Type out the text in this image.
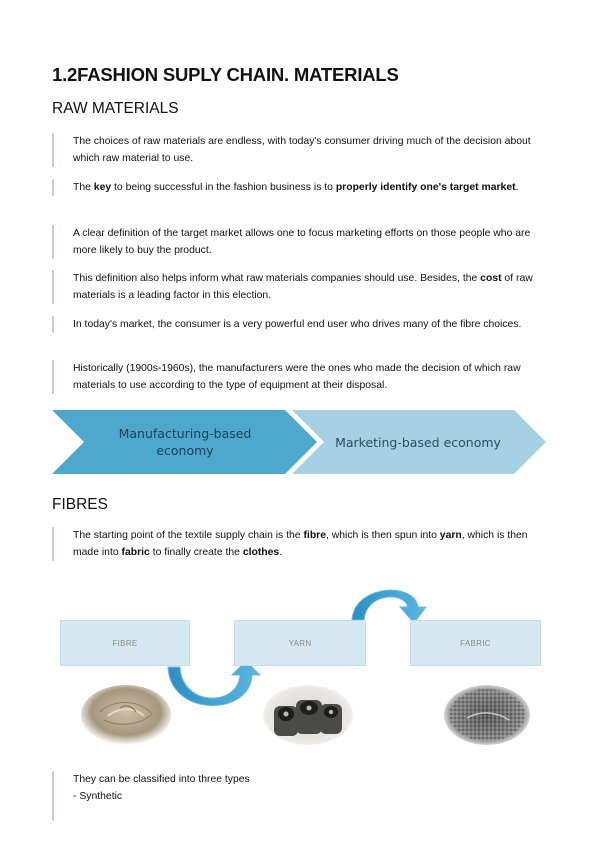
1.2FASHION SUPLY CHAIN. MATERIALS
RAW MATERIALS
The choices of raw materials are endless, with today's consumer driving much of the decision about which raw material to use.
The key to being successful in the fashion business is to properly identify one's target market.
A clear definition of the target market allows one to focus marketing efforts on those people who are more likely to buy the product.
This definition also helps inform what raw materials companies should use. Besides, the cost of raw materials is a leading factor in this election.
In today's market, the consumer is a very powerful end user who drives many of the fibre choices.
Historically (1900s-1960s), the manufacturers were the ones who made the decision of which raw materials to use according to the type of equipment at their disposal.
Manufacturing-based economy
Marketing-based economy
FIBRES
The starting point of the textile supply chain is the fibre, which is then spun into yarn, which is then made into fabric to finally create the clothes.
FIBRE	YARN	FABRIC
They can be classified into three types
- Synthetic
